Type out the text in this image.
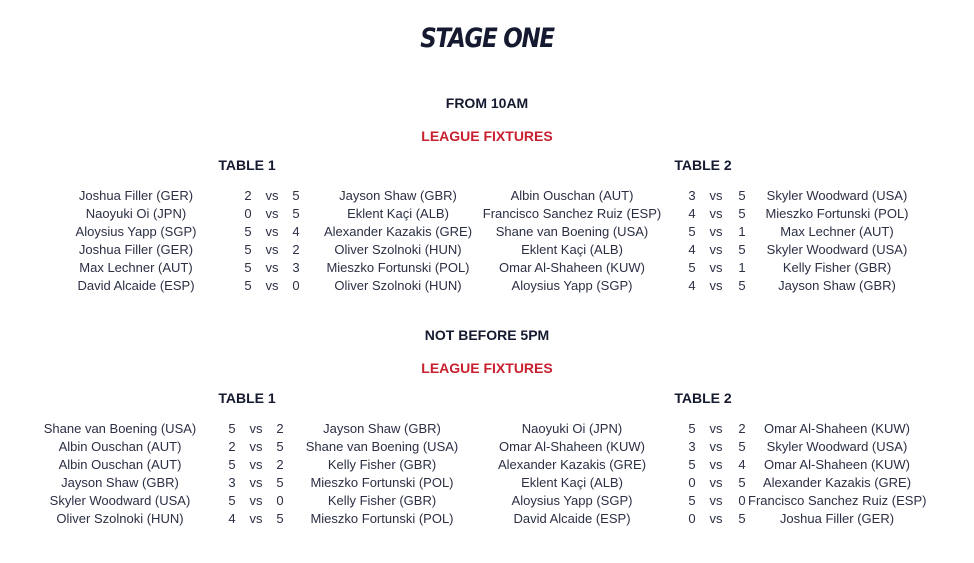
STAGE ONE
FROM 10AM
LEAGUE FIXTURES
TABLE 1	TABLE 2
Joshua Filler (GER)	2	vs	5	Jayson Shaw (GBR)
Naoyuki Oi (JPN)	0	vs	5	Eklent Kaçi (ALB)
Aloysius Yapp (SGP)	5	vs	4	Alexander Kazakis (GRE)
Joshua Filler (GER)	5	vs	2	Oliver Szolnoki (HUN)
Max Lechner (AUT)	5	vs	3	Mieszko Fortunski (POL)
David Alcaide (ESP)	5	vs	0	Oliver Szolnoki (HUN)
Albin Ouschan (AUT)	3	vs	5	Skyler Woodward (USA)
Francisco Sanchez Ruiz (ESP)	4	vs	5	Mieszko Fortunski (POL)
Shane van Boening (USA)	5	vs	1	Max Lechner (AUT)
Eklent Kaçi (ALB)	4	vs	5	Skyler Woodward (USA)
Omar Al-Shaheen (KUW)	5	vs	1	Kelly Fisher (GBR)
Aloysius Yapp (SGP)	4	vs	5	Jayson Shaw (GBR)
NOT BEFORE 5PM
LEAGUE FIXTURES
TABLE 1	TABLE 2
Shane van Boening (USA)	5	vs	2	Jayson Shaw (GBR)
Albin Ouschan (AUT)	2	vs	5	Shane van Boening (USA)
Albin Ouschan (AUT)	5	vs	2	Kelly Fisher (GBR)
Jayson Shaw (GBR)	3	vs	5	Mieszko Fortunski (POL)
Skyler Woodward (USA)	5	vs	0	Kelly Fisher (GBR)
Oliver Szolnoki (HUN)	4	vs	5	Mieszko Fortunski (POL)
Naoyuki Oi (JPN)	5	vs	2	Omar Al-Shaheen (KUW)
Omar Al-Shaheen (KUW)	3	vs	5	Skyler Woodward (USA)
Alexander Kazakis (GRE)	5	vs	4	Omar Al-Shaheen (KUW)
Eklent Kaçi (ALB)	0	vs	5	Alexander Kazakis (GRE)
Aloysius Yapp (SGP)	5	vs	0 Francisco Sanchez Ruiz (ESP)
David Alcaide (ESP)	0	vs	5	Joshua Filler (GER)
